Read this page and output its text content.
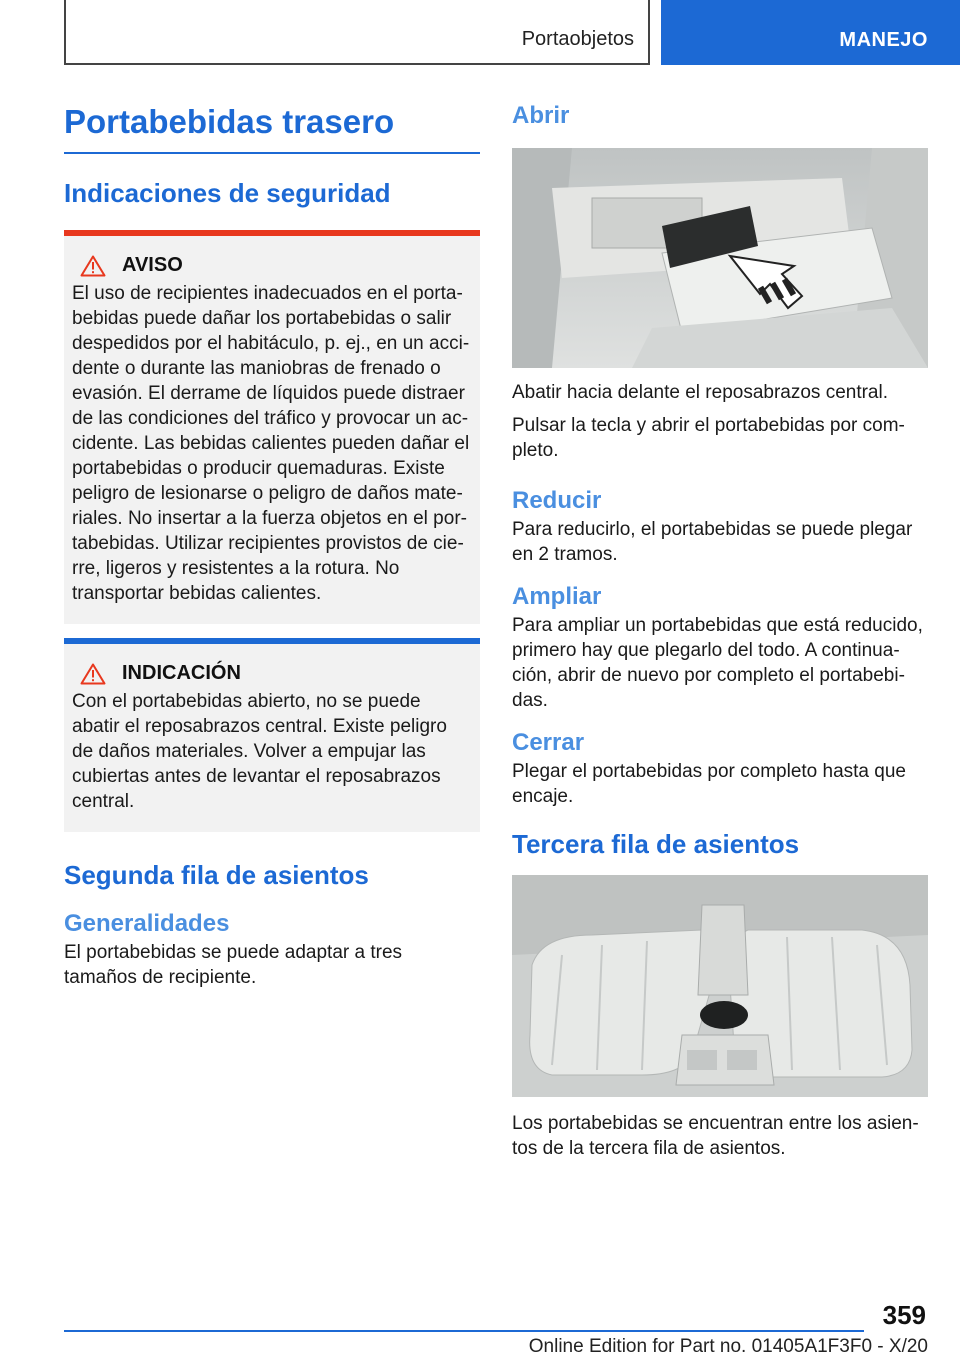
Portaobjetos	MANEJO
Portabebidas trasero
Indicaciones de seguridad
AVISO
El uso de recipientes inadecuados en el portabebidas puede dañar los portabebidas o salir despedidos por el habitáculo, p. ej., en un accidente o durante las maniobras de frenado o evasión. El derrame de líquidos puede distraer de las condiciones del tráfico y provocar un accidente. Las bebidas calientes pueden dañar el portabebidas o producir quemaduras. Existe peligro de lesionarse o peligro de daños materiales. No insertar a la fuerza objetos en el portabebidas. Utilizar recipientes provistos de cierre, ligeros y resistentes a la rotura. No transportar bebidas calientes.
INDICACIÓN
Con el portabebidas abierto, no se puede abatir el reposabrazos central. Existe peligro de daños materiales. Volver a empujar las cubiertas antes de levantar el reposabrazos central.
Segunda fila de asientos
Generalidades
El portabebidas se puede adaptar a tres tamaños de recipiente.
Abrir
Abatir hacia delante el reposabrazos central.
Pulsar la tecla y abrir el portabebidas por completo.
Reducir
Para reducirlo, el portabebidas se puede plegar en 2 tramos.
Ampliar
Para ampliar un portabebidas que está reducido, primero hay que plegarlo del todo. A continuación, abrir de nuevo por completo el portabebidas.
Cerrar
Plegar el portabebidas por completo hasta que encaje.
Tercera fila de asientos
Los portabebidas se encuentran entre los asientos de la tercera fila de asientos.
359
Online Edition for Part no. 01405A1F3F0 - X/20
